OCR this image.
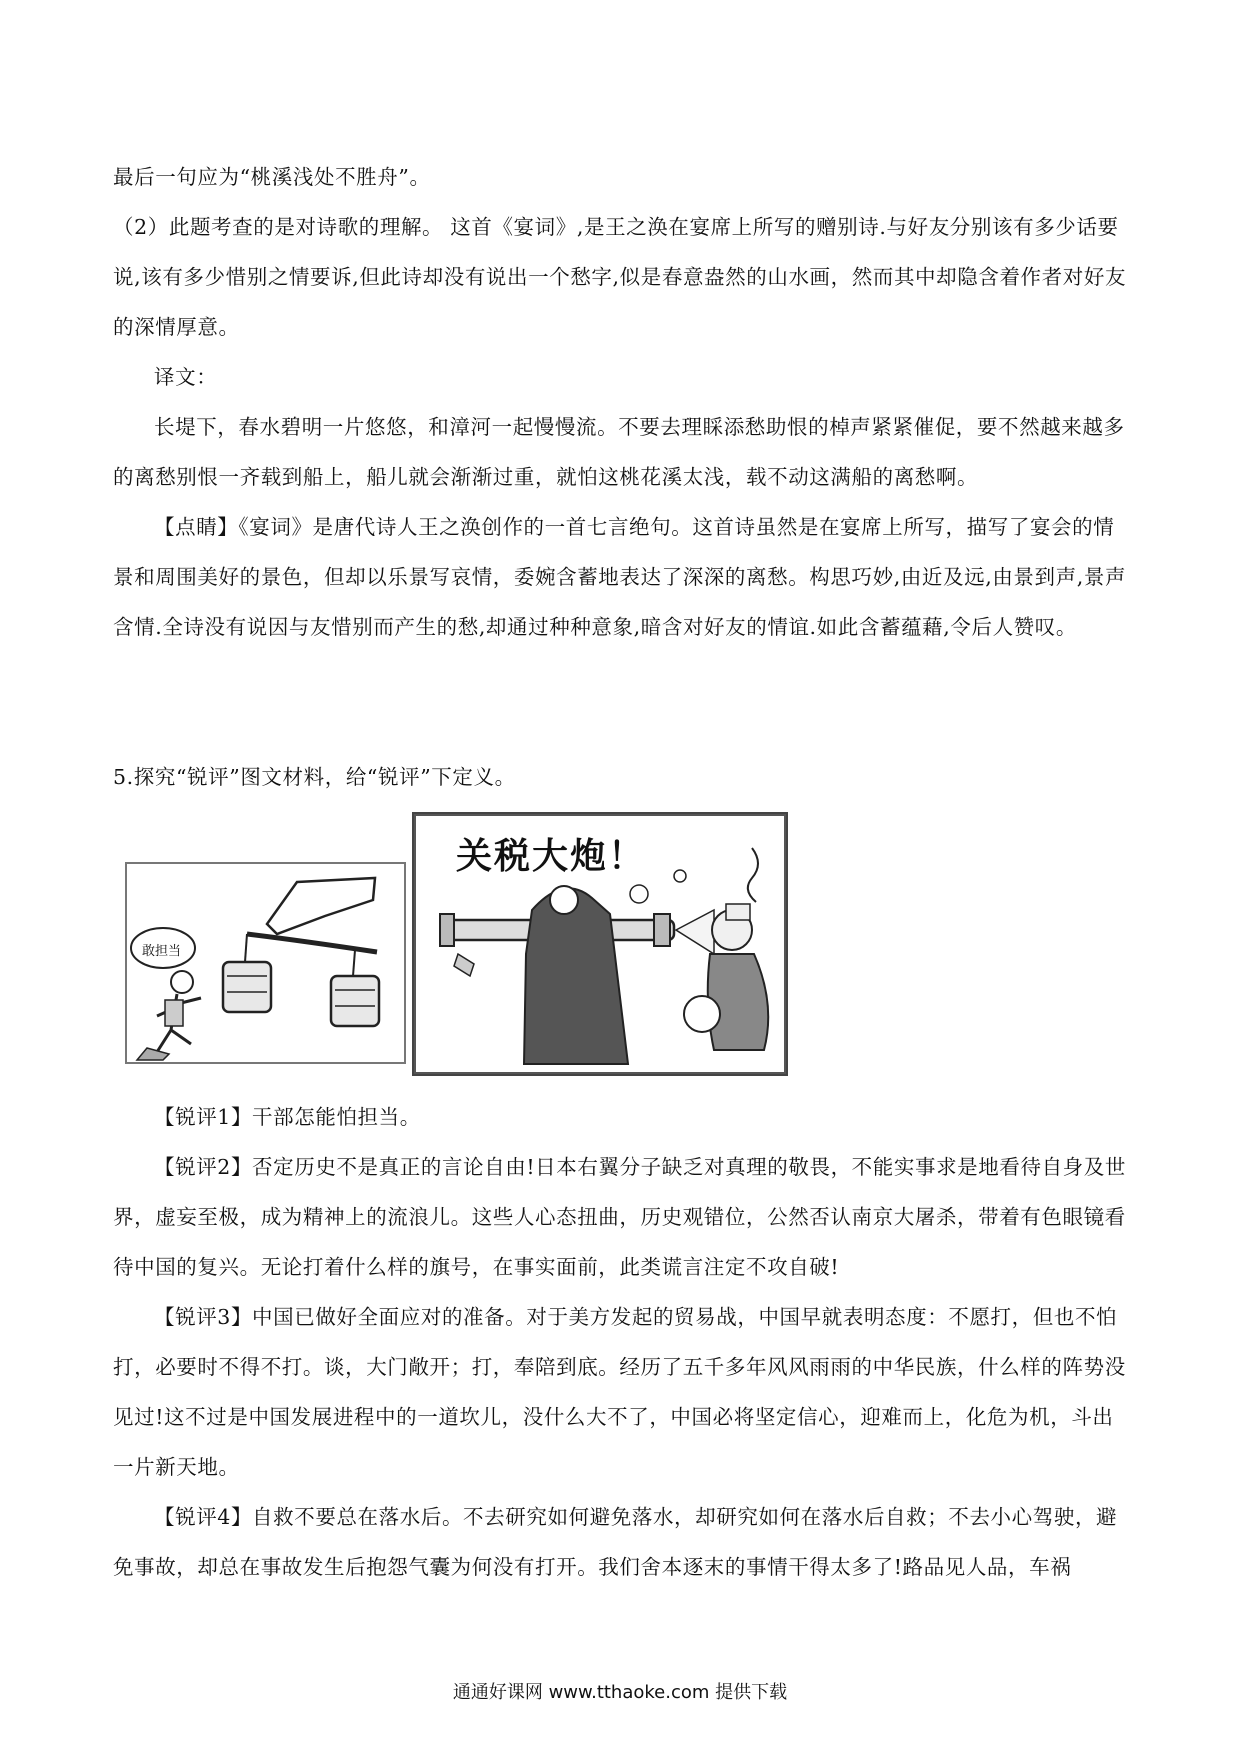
最后一句应为“桃溪浅处不胜舟”。

（2）此题考查的是对诗歌的理解。 这首《宴词》,是王之涣在宴席上所写的赠别诗.与好友分别该有多少话要说,该有多少惜别之情要诉,但此诗却没有说出一个愁字,似是春意盎然的山水画，然而其中却隐含着作者对好友的深情厚意。

译文：

长堤下，春水碧明一片悠悠，和漳河一起慢慢流。不要去理睬添愁助恨的棹声紧紧催促，要不然越来越多的离愁别恨一齐载到船上，船儿就会渐渐过重，就怕这桃花溪太浅，载不动这满船的离愁啊。

【点睛】《宴词》是唐代诗人王之涣创作的一首七言绝句。这首诗虽然是在宴席上所写，描写了宴会的情景和周围美好的景色，但却以乐景写哀情，委婉含蓄地表达了深深的离愁。构思巧妙,由近及远,由景到声,景声含情.全诗没有说因与友惜别而产生的愁,却通过种种意象,暗含对好友的情谊.如此含蓄蕴藉,令后人赞叹。

5.探究“锐评”图文材料，给“锐评”下定义。

敢担当
关税大炮！

【锐评1】干部怎能怕担当。

【锐评2】否定历史不是真正的言论自由!日本右翼分子缺乏对真理的敬畏，不能实事求是地看待自身及世界，虚妄至极，成为精神上的流浪儿。这些人心态扭曲，历史观错位，公然否认南京大屠杀，带着有色眼镜看待中国的复兴。无论打着什么样的旗号，在事实面前，此类谎言注定不攻自破!

【锐评3】中国已做好全面应对的准备。对于美方发起的贸易战，中国早就表明态度：不愿打，但也不怕打，必要时不得不打。谈，大门敞开；打，奉陪到底。经历了五千多年风风雨雨的中华民族，什么样的阵势没见过!这不过是中国发展进程中的一道坎儿，没什么大不了，中国必将坚定信心，迎难而上，化危为机，斗出一片新天地。

【锐评4】自救不要总在落水后。不去研究如何避免落水，却研究如何在落水后自救；不去小心驾驶，避免事故，却总在事故发生后抱怨气囊为何没有打开。我们舍本逐末的事情干得太多了!路品见人品，车祸

通通好课网 www.tthaoke.com 提供下载
